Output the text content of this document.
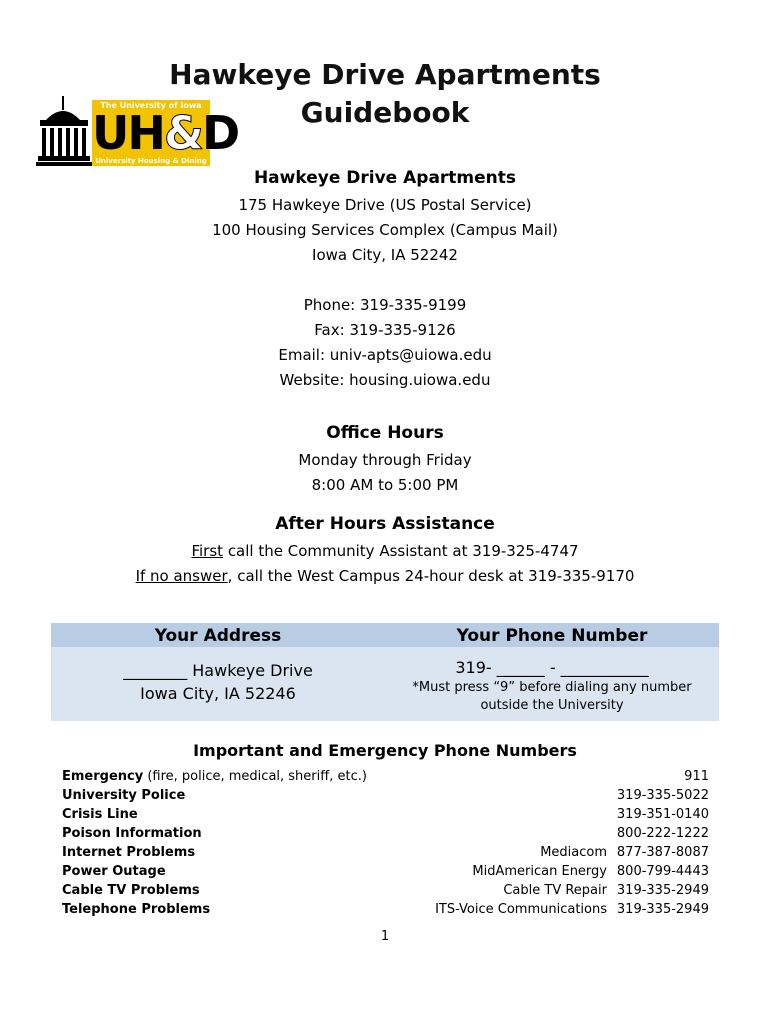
Hawkeye Drive Apartments
Guidebook
The University of Iowa
UH&D
University Housing & Dining
Hawkeye Drive Apartments
175 Hawkeye Drive (US Postal Service)
100 Housing Services Complex (Campus Mail)
Iowa City, IA 52242
Phone: 319-335-9199
Fax: 319-335-9126
Email: univ-apts@uiowa.edu
Website: housing.uiowa.edu
Office Hours
Monday through Friday
8:00 AM to 5:00 PM
After Hours Assistance
First call the Community Assistant at 319-325-4747
If no answer, call the West Campus 24-hour desk at 319-335-9170
Your Address	Your Phone Number
________ Hawkeye Drive
Iowa City, IA 52246
319- ______ - ___________
*Must press “9” before dialing any number
outside the University
Important and Emergency Phone Numbers
Emergency (fire, police, medical, sheriff, etc.)	911
University Police	319-335-5022
Crisis Line	319-351-0140
Poison Information	800-222-1222
Internet Problems	Mediacom 877-387-8087
Power Outage	MidAmerican Energy 800-799-4443
Cable TV Problems	Cable TV Repair 319-335-2949
Telephone Problems	ITS-Voice Communications 319-335-2949
1
